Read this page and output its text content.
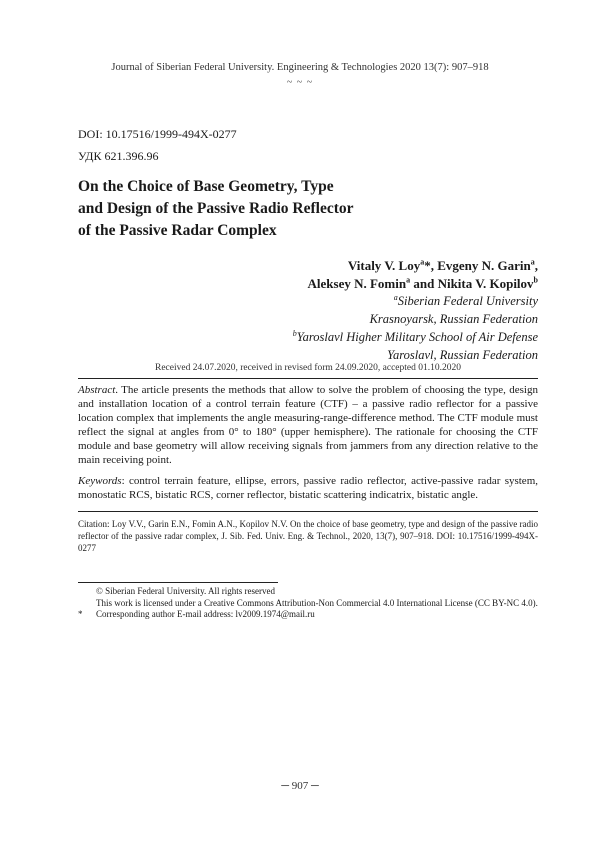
Journal of Siberian Federal University. Engineering & Technologies 2020 13(7): 907–918
~ ~ ~
DOI: 10.17516/1999-494X-0277
УДК 621.396.96
On the Choice of Base Geometry, Type
and Design of the Passive Radio Reflector
of the Passive Radar Complex
Vitaly V. Loy$^a$*, Evgeny N. Garin$^a$,
Aleksey N. Fomin$^a$ and Nikita V. Kopilov$^b$
$^a$Siberian Federal University
Krasnoyarsk, Russian Federation
$^b$Yaroslavl Higher Military School of Air Defense
Yaroslavl, Russian Federation
Received 24.07.2020, received in revised form 24.09.2020, accepted 01.10.2020
Abstract. The article presents the methods that allow to solve the problem of choosing the type, design and installation location of a control terrain feature (CTF) – a passive radio reflector for a passive location complex that implements the angle measuring-range-difference method. The CTF module must reflect the signal at angles from 0° to 180° (upper hemisphere). The rationale for choosing the CTF module and base geometry will allow receiving signals from jammers from any direction relative to the main receiving point.
Keywords: control terrain feature, ellipse, errors, passive radio reflector, active-passive radar system, monostatic RCS, bistatic RCS, corner reflector, bistatic scattering indicatrix, bistatic angle.
Citation: Loy V.V., Garin E.N., Fomin A.N., Kopilov N.V. On the choice of base geometry, type and design of the passive radio reflector of the passive radar complex, J. Sib. Fed. Univ. Eng. & Technol., 2020, 13(7), 907–918. DOI: 10.17516/1999-494X-0277
© Siberian Federal University. All rights reserved
This work is licensed under a Creative Commons Attribution-Non Commercial 4.0 International License (CC BY-NC 4.0).
* Corresponding author E-mail address: lv2009.1974@mail.ru
─ 907 ─
